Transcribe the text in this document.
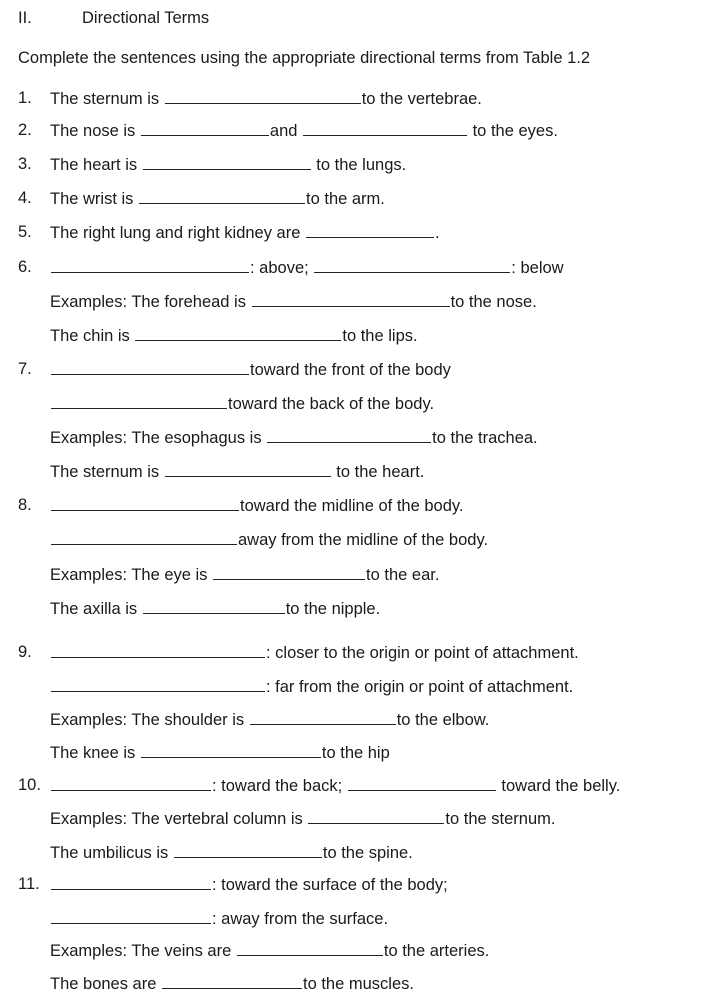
II.	Directional Terms
Complete the sentences using the appropriate directional terms from Table 1.2
1.	The sternum is	to the vertebrae.
2.	The nose is	and	to the eyes.
3.	The heart is	to the lungs.
4.	The wrist is	to the arm.
5.	The right lung and right kidney are	.
6.	: above;	: below
Examples: The forehead is	to the nose.
The chin is	to the lips.
7.	toward the front of the body
toward the back of the body.
Examples: The esophagus is	to the trachea.
The sternum is	to the heart.
8.	toward the midline of the body.
away from the midline of the body.
Examples: The eye is	to the ear.
The axilla is	to the nipple.
9.	: closer to the origin or point of attachment.
: far from the origin or point of attachment.
Examples: The shoulder is	to the elbow.
The knee is	to the hip
10.	: toward the back;	toward the belly.
Examples: The vertebral column is	to the sternum.
The umbilicus is	to the spine.
11.	: toward the surface of the body;
: away from the surface.
Examples: The veins are	to the arteries.
The bones are	to the muscles.
